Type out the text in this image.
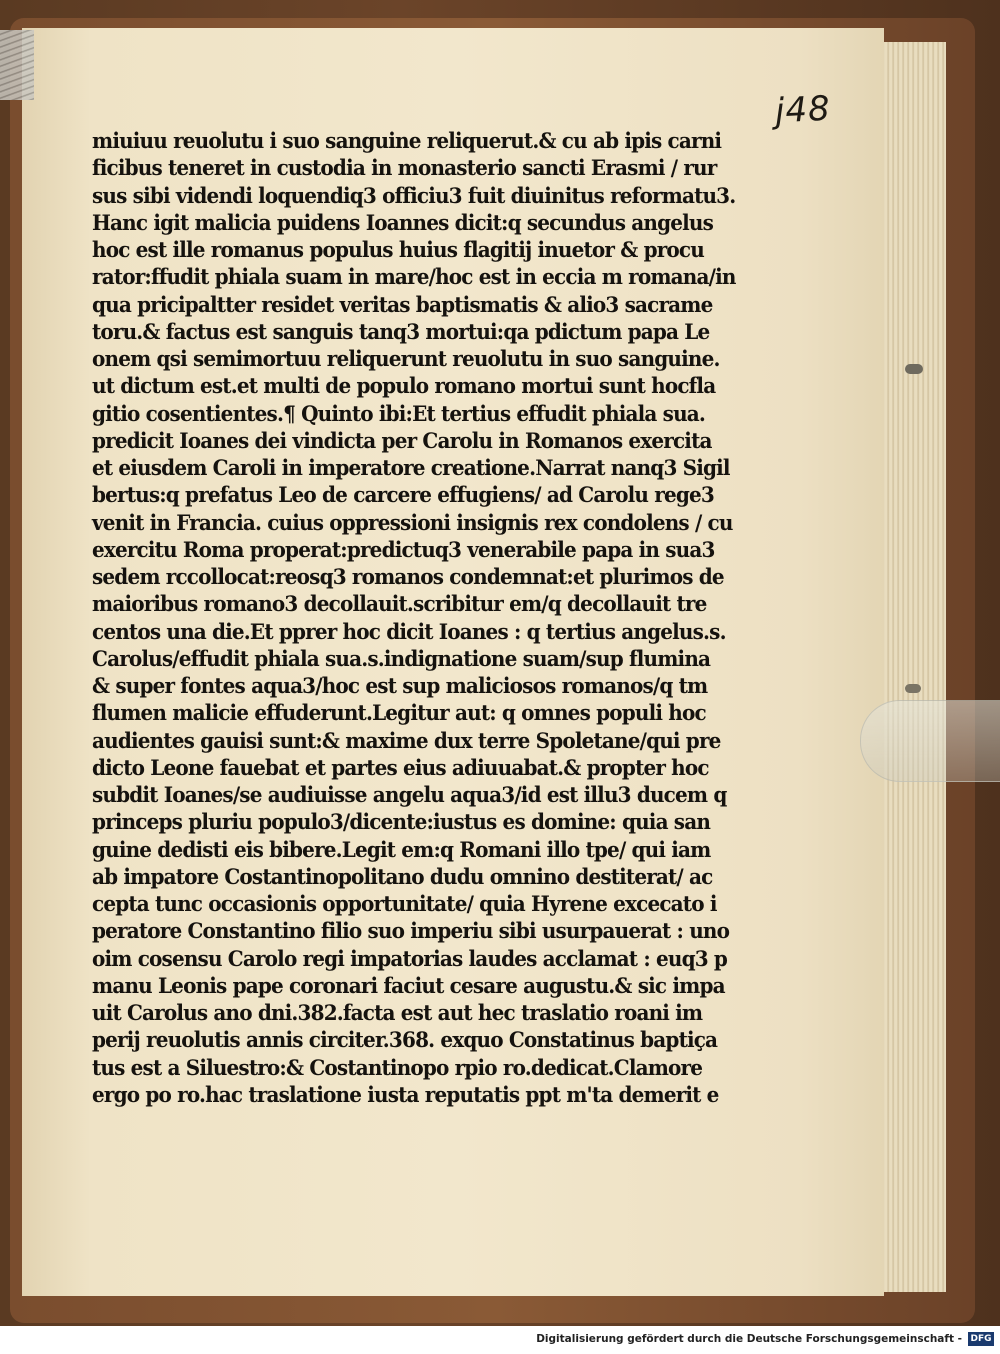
j48
miuiuu reuolutu i suo sanguine reliquerut.& cu ab ipis carni
ficibus teneret in custodia in monasterio sancti Erasmi / rur
sus sibi videndi loquendiq3 officiu3 fuit diuinitus reformatu3.
Hanc igit malicia puidens Ioannes dicit:q secundus angelus
hoc est ille romanus populus huius flagitij inuetor & procu
rator:ffudit phiala suam in mare/hoc est in eccia m romana/in
qua pricipaltter residet veritas baptismatis & alio3 sacrame
toru.& factus est sanguis tanq3 mortui:qa pdictum papa Le
onem qsi semimortuu reliquerunt reuolutu in suo sanguine.
ut dictum est.et multi de populo romano mortui sunt hocfla
gitio cosentientes.¶ Quinto ibi:Et tertius effudit phiala sua.
predicit Ioanes dei vindicta per Carolu in Romanos exercita
et eiusdem Caroli in imperatore creatione.Narrat nanq3 Sigil
bertus:q prefatus Leo de carcere effugiens/ ad Carolu rege3
venit in Francia. cuius oppressioni insignis rex condolens / cu
exercitu Roma properat:predictuq3 venerabile papa in sua3
sedem rccollocat:reosq3 romanos condemnat:et plurimos de
maioribus romano3 decollauit.scribitur em/q decollauit tre
centos una die.Et pprer hoc dicit Ioanes : q tertius angelus.s.
Carolus/effudit phiala sua.s.indignatione suam/sup flumina
& super fontes aqua3/hoc est sup maliciosos romanos/q tm
flumen malicie effuderunt.Legitur aut: q omnes populi hoc
audientes gauisi sunt:& maxime dux terre Spoletane/qui pre
dicto Leone fauebat et partes eius adiuuabat.& propter hoc
subdit Ioanes/se audiuisse angelu aqua3/id est illu3 ducem q
princeps pluriu populo3/dicente:iustus es domine: quia san
guine dedisti eis bibere.Legit em:q Romani illo tpe/ qui iam
ab impatore Costantinopolitano dudu omnino destiterat/ ac
cepta tunc occasionis opportunitate/ quia Hyrene excecato i
peratore Constantino filio suo imperiu sibi usurpauerat : uno
oim cosensu Carolo regi impatorias laudes acclamat : euq3 p
manu Leonis pape coronari faciut cesare augustu.& sic impa
uit Carolus ano dni.382.facta est aut hec traslatio roani im
perij reuolutis annis circiter.368. exquo Constatinus baptiça
tus est a Siluestro:& Costantinopo rpio ro.dedicat.Clamore
ergo po ro.hac traslatione iusta reputatis ppt m'ta demerit e
Digitalisierung gefördert durch die Deutsche Forschungsgemeinschaft - DFG
